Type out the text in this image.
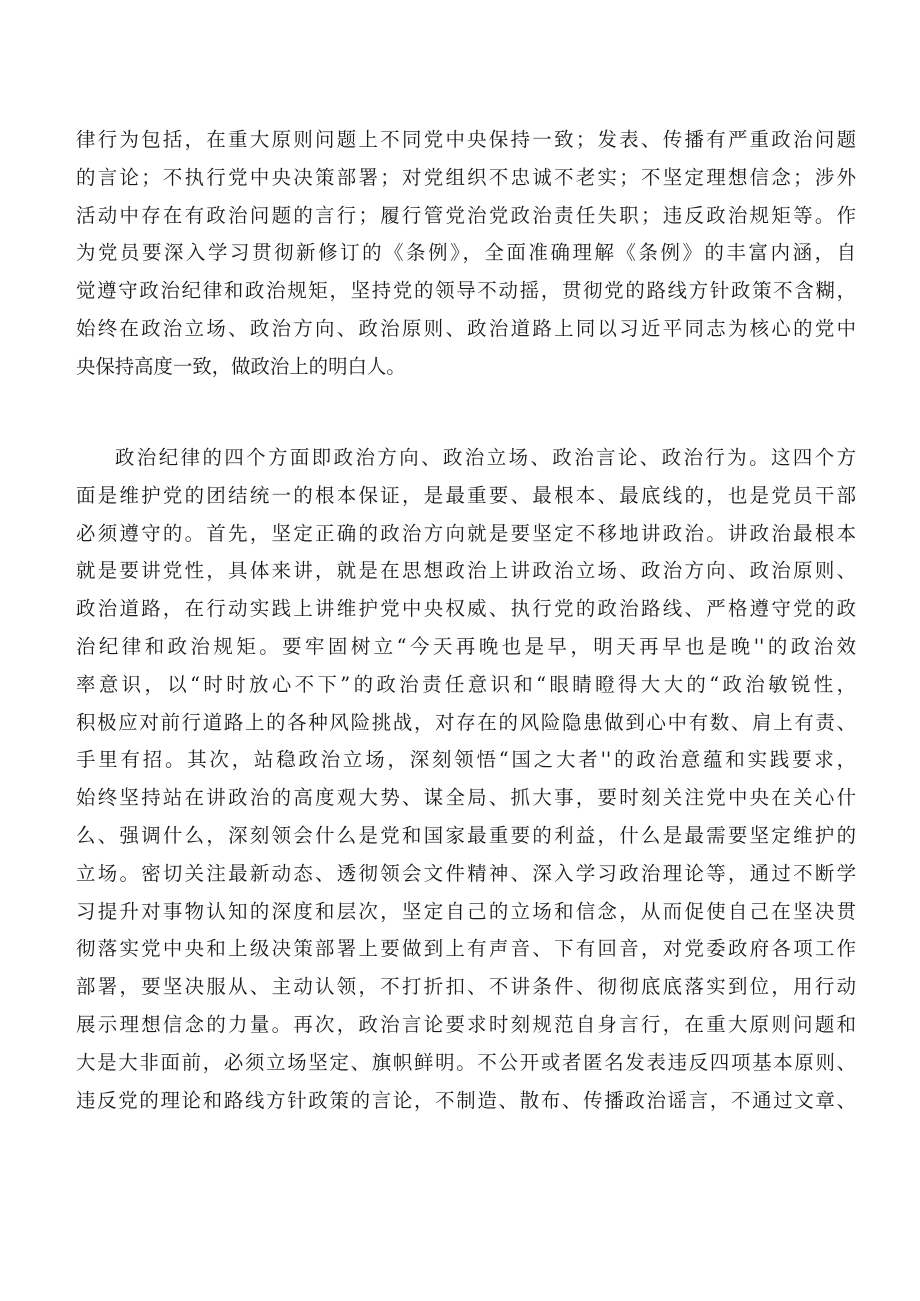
律行为包括，在重大原则问题上不同党中央保持一致；发表、传播有严重政治问题
的言论；不执行党中央决策部署；对党组织不忠诚不老实；不坚定理想信念；涉外
活动中存在有政治问题的言行；履行管党治党政治责任失职；违反政治规矩等。作
为党员要深入学习贯彻新修订的《条例》，全面准确理解《条例》的丰富内涵，自
觉遵守政治纪律和政治规矩，坚持党的领导不动摇，贯彻党的路线方针政策不含糊，
始终在政治立场、政治方向、政治原则、政治道路上同以习近平同志为核心的党中
央保持高度一致，做政治上的明白人。
政治纪律的四个方面即政治方向、政治立场、政治言论、政治行为。这四个方
面是维护党的团结统一的根本保证，是最重要、最根本、最底线的，也是党员干部
必须遵守的。首先，坚定正确的政治方向就是要坚定不移地讲政治。讲政治最根本
就是要讲党性，具体来讲，就是在思想政治上讲政治立场、政治方向、政治原则、
政治道路，在行动实践上讲维护党中央权威、执行党的政治路线、严格遵守党的政
治纪律和政治规矩。要牢固树立“今天再晚也是早，明天再早也是晚''的政治效
率意识，以“时时放心不下”的政治责任意识和“眼睛瞪得大大的“政治敏锐性，
积极应对前行道路上的各种风险挑战，对存在的风险隐患做到心中有数、肩上有责、
手里有招。其次，站稳政治立场，深刻领悟“国之大者''的政治意蕴和实践要求，
始终坚持站在讲政治的高度观大势、谋全局、抓大事，要时刻关注党中央在关心什
么、强调什么，深刻领会什么是党和国家最重要的利益，什么是最需要坚定维护的
立场。密切关注最新动态、透彻领会文件精神、深入学习政治理论等，通过不断学
习提升对事物认知的深度和层次，坚定自己的立场和信念，从而促使自己在坚决贯
彻落实党中央和上级决策部署上要做到上有声音、下有回音，对党委政府各项工作
部署，要坚决服从、主动认领，不打折扣、不讲条件、彻彻底底落实到位，用行动
展示理想信念的力量。再次，政治言论要求时刻规范自身言行，在重大原则问题和
大是大非面前，必须立场坚定、旗帜鲜明。不公开或者匿名发表违反四项基本原则、
违反党的理论和路线方针政策的言论，不制造、散布、传播政治谣言，不通过文章、
